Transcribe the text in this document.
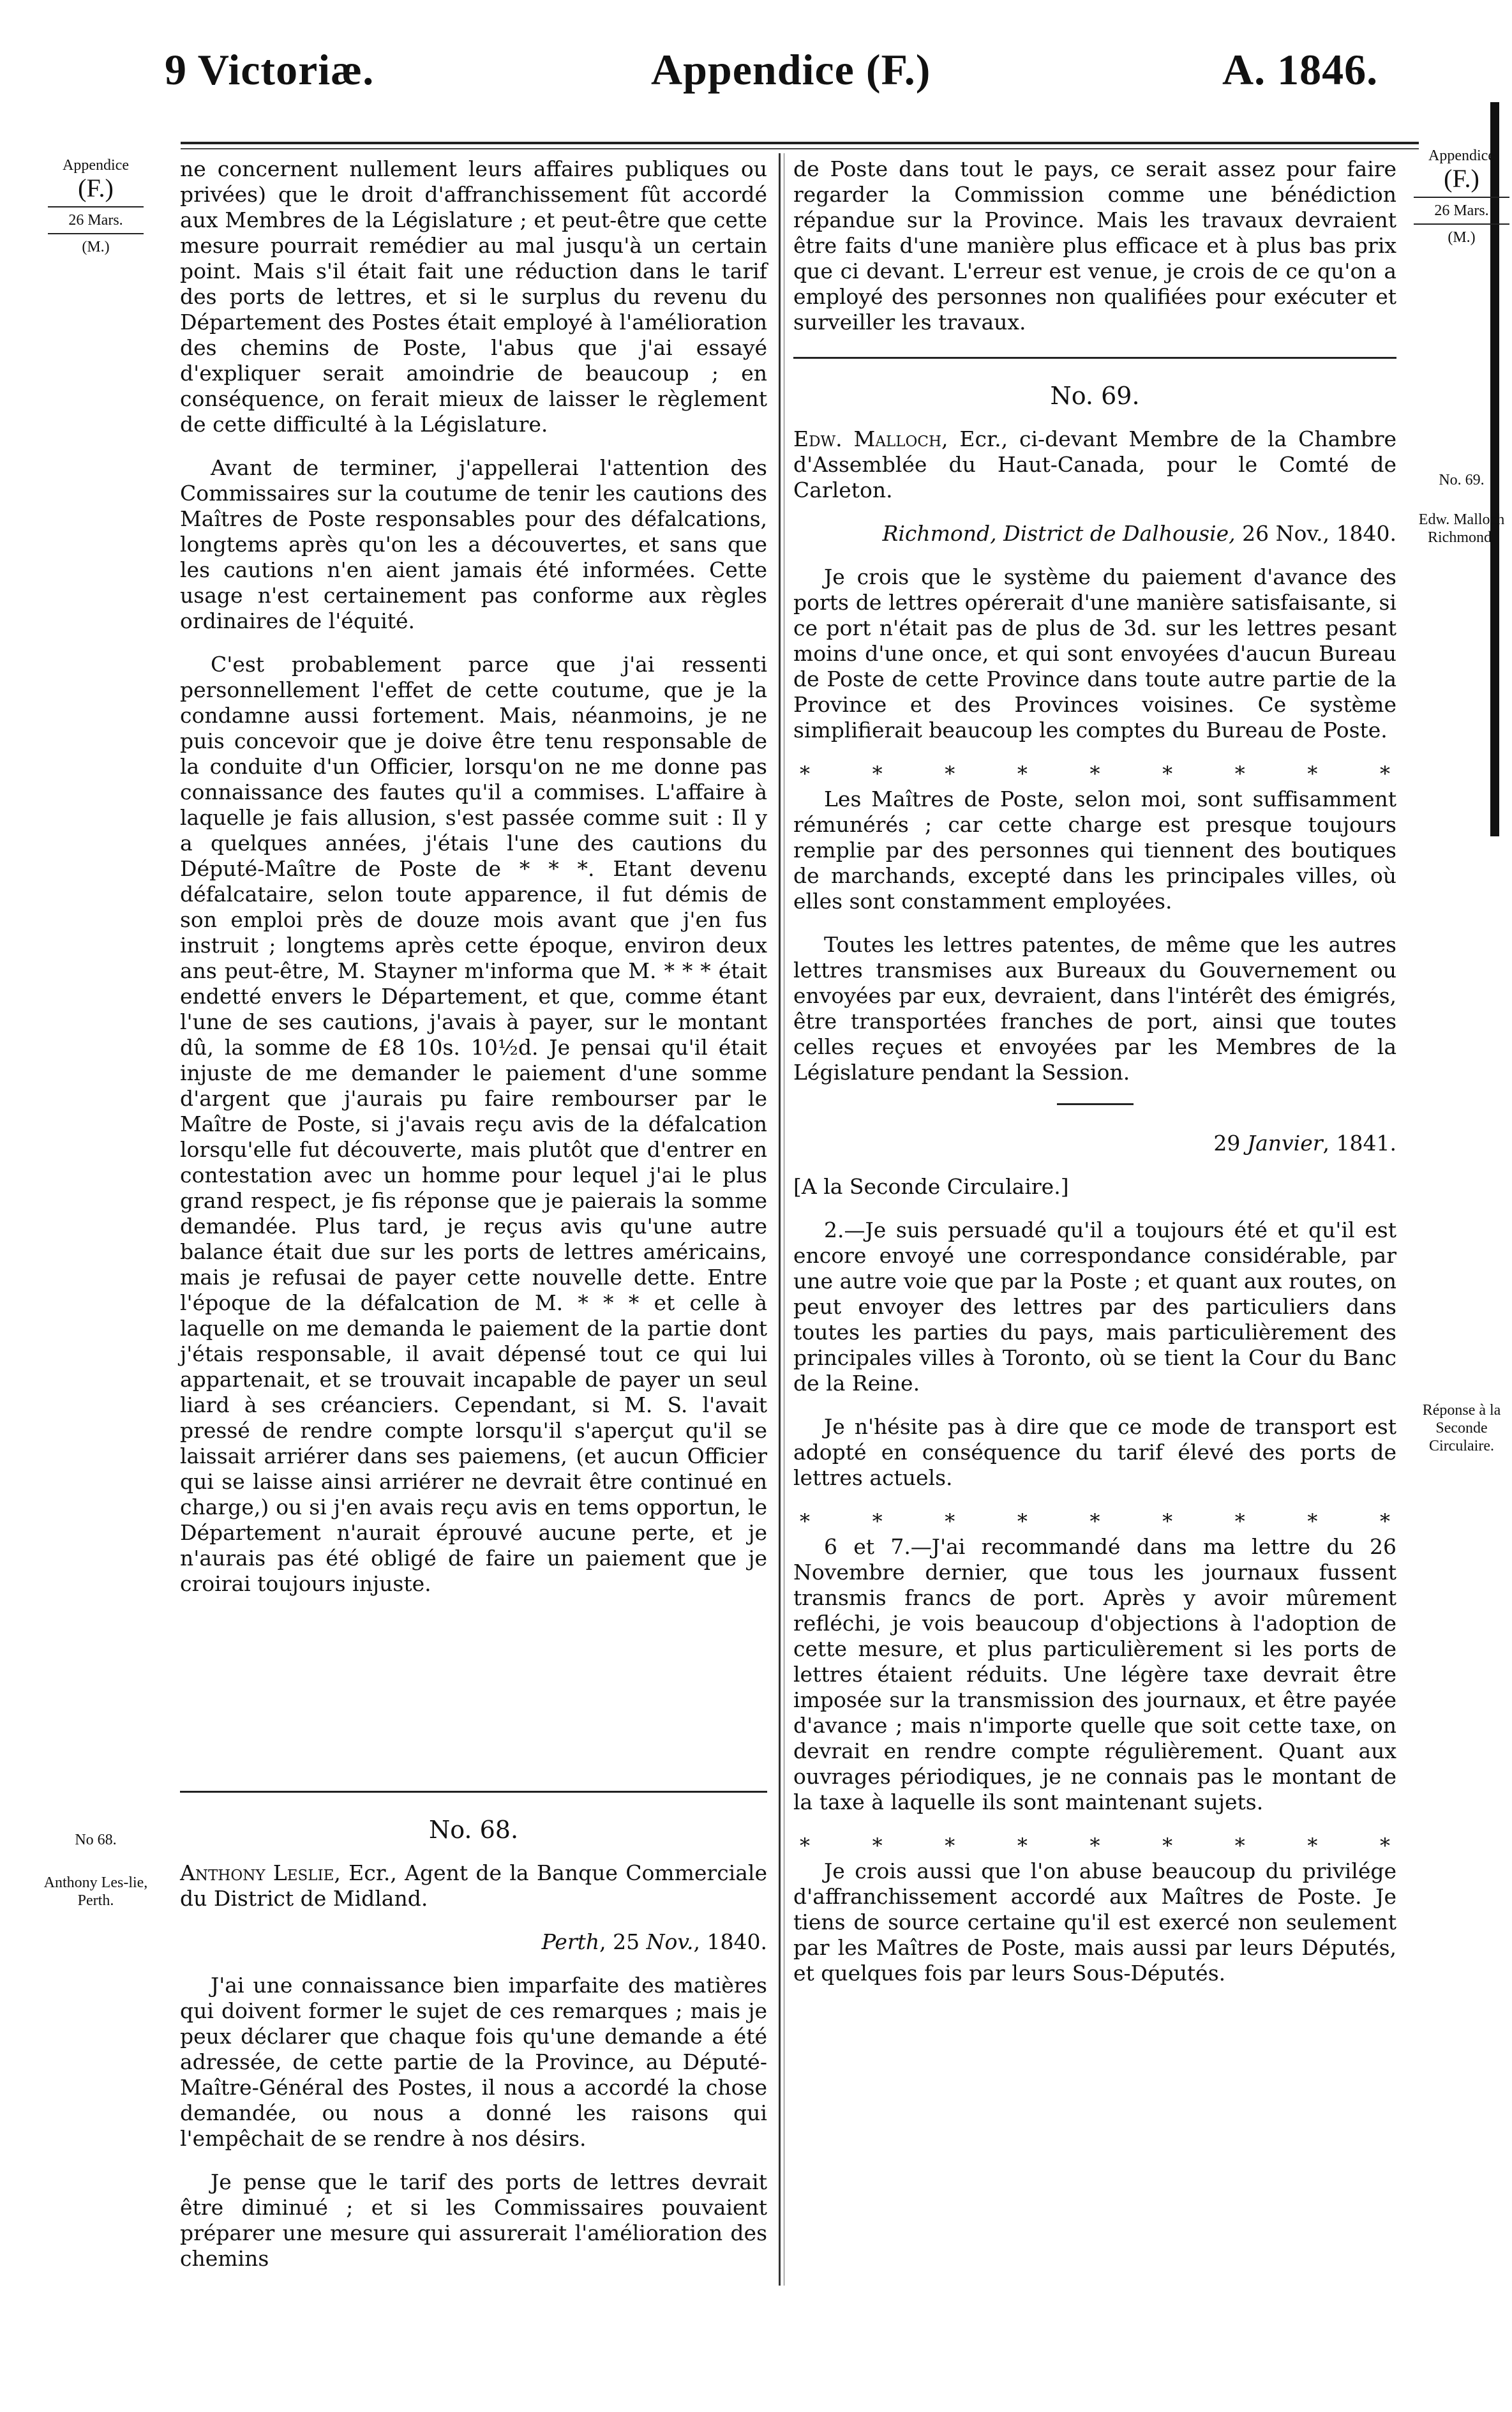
9 Victoriæ.	Appendice (F.)	A. 1846.
Appendice
(F.)
26 Mars.
(M.)
No 68.
Anthony Les-lie, Perth.
Appendice
(F.)
26 Mars.
(M.)
No. 69.
Edw. Malloch Richmond.
Réponse à la Seconde Circulaire.

ne concernent nullement leurs affaires publiques ou privées) que le droit d'affranchissement fût accordé aux Membres de la Législature ; et peut-être que cette mesure pourrait remédier au mal jusqu'à un certain point. Mais s'il était fait une réduction dans le tarif des ports de lettres, et si le surplus du revenu du Département des Postes était employé à l'amélioration des chemins de Poste, l'abus que j'ai essayé d'expliquer serait amoindrie de beaucoup ; en conséquence, on ferait mieux de laisser le règlement de cette difficulté à la Législature.

Avant de terminer, j'appellerai l'attention des Commissaires sur la coutume de tenir les cautions des Maîtres de Poste responsables pour des défalcations, longtems après qu'on les a découvertes, et sans que les cautions n'en aient jamais été informées. Cette usage n'est certainement pas conforme aux règles ordinaires de l'équité.

C'est probablement parce que j'ai ressenti personnellement l'effet de cette coutume, que je la condamne aussi fortement. Mais, néanmoins, je ne puis concevoir que je doive être tenu responsable de la conduite d'un Officier, lorsqu'on ne me donne pas connaissance des fautes qu'il a commises. L'affaire à laquelle je fais allusion, s'est passée comme suit : Il y a quelques années, j'étais l'une des cautions du Député-Maître de Poste de * * *. Etant devenu défalcataire, selon toute apparence, il fut démis de son emploi près de douze mois avant que j'en fus instruit ; longtems après cette époque, environ deux ans peut-être, M. Stayner m'informa que M. * * * était endetté envers le Département, et que, comme étant l'une de ses cautions, j'avais à payer, sur le montant dû, la somme de £8 10s. 10½d. Je pensai qu'il était injuste de me demander le paiement d'une somme d'argent que j'aurais pu faire rembourser par le Maître de Poste, si j'avais reçu avis de la défalcation lorsqu'elle fut découverte, mais plutôt que d'entrer en contestation avec un homme pour lequel j'ai le plus grand respect, je fis réponse que je paierais la somme demandée. Plus tard, je reçus avis qu'une autre balance était due sur les ports de lettres américains, mais je refusai de payer cette nouvelle dette. Entre l'époque de la défalcation de M. * * * et celle à laquelle on me demanda le paiement de la partie dont j'étais responsable, il avait dépensé tout ce qui lui appartenait, et se trouvait incapable de payer un seul liard à ses créanciers. Cependant, si M. S. l'avait pressé de rendre compte lorsqu'il s'aperçut qu'il se laissait arriérer dans ses paiemens, (et aucun Officier qui se laisse ainsi arriérer ne devrait être continué en charge,) ou si j'en avais reçu avis en tems opportun, le Département n'aurait éprouvé aucune perte, et je n'aurais pas été obligé de faire un paiement que je croirai toujours injuste.

No. 68.

Anthony Leslie, Ecr., Agent de la Banque Commerciale du District de Midland.

Perth, 25 Nov., 1840.

J'ai une connaissance bien imparfaite des matières qui doivent former le sujet de ces remarques ; mais je peux déclarer que chaque fois qu'une demande a été adressée, de cette partie de la Province, au Député-Maître-Général des Postes, il nous a accordé la chose demandée, ou nous a donné les raisons qui l'empêchait de se rendre à nos désirs.

Je pense que le tarif des ports de lettres devrait être diminué ; et si les Commissaires pouvaient préparer une mesure qui assurerait l'amélioration des chemins

de Poste dans tout le pays, ce serait assez pour faire regarder la Commission comme une bénédiction répandue sur la Province. Mais les travaux devraient être faits d'une manière plus efficace et à plus bas prix que ci devant. L'erreur est venue, je crois de ce qu'on a employé des personnes non qualifiées pour exécuter et surveiller les travaux.

No. 69.

Edw. Malloch, Ecr., ci-devant Membre de la Chambre d'Assemblée du Haut-Canada, pour le Comté de Carleton.

Richmond, District de Dalhousie, 26 Nov., 1840.

Je crois que le système du paiement d'avance des ports de lettres opérerait d'une manière satisfaisante, si ce port n'était pas de plus de 3d. sur les lettres pesant moins d'une once, et qui sont envoyées d'aucun Bureau de Poste de cette Province dans toute autre partie de la Province et des Provinces voisines. Ce système simplifierait beaucoup les comptes du Bureau de Poste.

*	*	*	*	*	*	*	*	*

Les Maîtres de Poste, selon moi, sont suffisamment rémunérés ; car cette charge est presque toujours remplie par des personnes qui tiennent des boutiques de marchands, excepté dans les principales villes, où elles sont constamment employées.

Toutes les lettres patentes, de même que les autres lettres transmises aux Bureaux du Gouvernement ou envoyées par eux, devraient, dans l'intérêt des émigrés, être transportées franches de port, ainsi que toutes celles reçues et envoyées par les Membres de la Législature pendant la Session.

29 Janvier, 1841.

[A la Seconde Circulaire.]

2.—Je suis persuadé qu'il a toujours été et qu'il est encore envoyé une correspondance considérable, par une autre voie que par la Poste ; et quant aux routes, on peut envoyer des lettres par des particuliers dans toutes les parties du pays, mais particulièrement des principales villes à Toronto, où se tient la Cour du Banc de la Reine.

Je n'hésite pas à dire que ce mode de transport est adopté en conséquence du tarif élevé des ports de lettres actuels.

*	*	*	*	*	*	*	*	*

6 et 7.—J'ai recommandé dans ma lettre du 26 Novembre dernier, que tous les journaux fussent transmis francs de port. Après y avoir mûrement refléchi, je vois beaucoup d'objections à l'adoption de cette mesure, et plus particulièrement si les ports de lettres étaient réduits. Une légère taxe devrait être imposée sur la transmission des journaux, et être payée d'avance ; mais n'importe quelle que soit cette taxe, on devrait en rendre compte régulièrement. Quant aux ouvrages périodiques, je ne connais pas le montant de la taxe à laquelle ils sont maintenant sujets.

*	*	*	*	*	*	*	*	*

Je crois aussi que l'on abuse beaucoup du privilége d'affranchissement accordé aux Maîtres de Poste. Je tiens de source certaine qu'il est exercé non seulement par les Maîtres de Poste, mais aussi par leurs Députés, et quelques fois par leurs Sous-Députés.
